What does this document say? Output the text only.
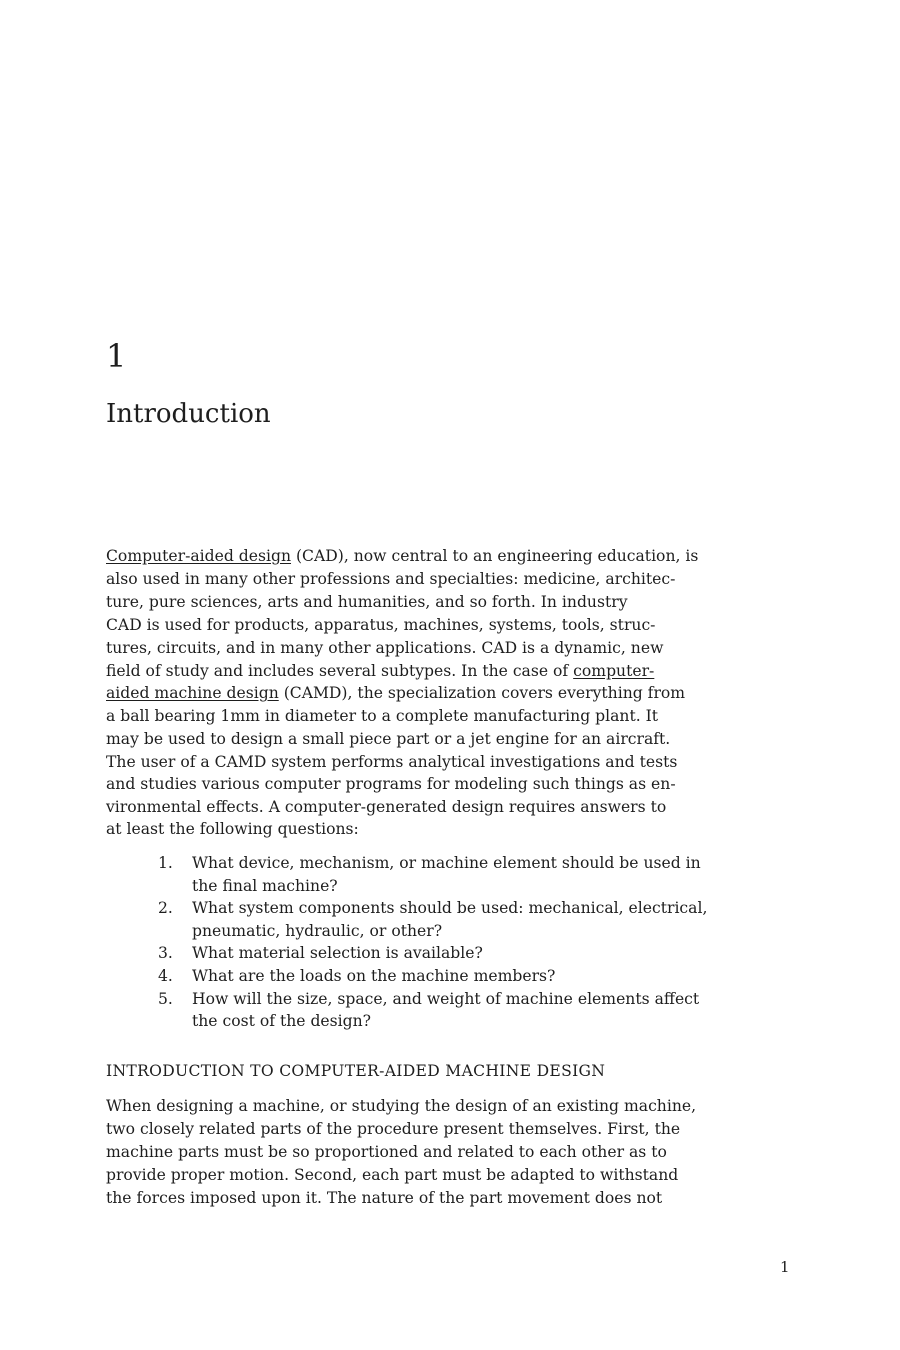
1
Introduction
Computer-aided design (CAD), now central to an engineering education, is
also used in many other professions and specialties: medicine, architec-
ture, pure sciences, arts and humanities, and so forth. In industry
CAD is used for products, apparatus, machines, systems, tools, struc-
tures, circuits, and in many other applications. CAD is a dynamic, new
field of study and includes several subtypes. In the case of computer-
aided machine design (CAMD), the specialization covers everything from
a ball bearing 1mm in diameter to a complete manufacturing plant. It
may be used to design a small piece part or a jet engine for an aircraft.
The user of a CAMD system performs analytical investigations and tests
and studies various computer programs for modeling such things as en-
vironmental effects. A computer-generated design requires answers to
at least the following questions:
1.	What device, mechanism, or machine element should be used in
the final machine?
2.	What system components should be used: mechanical, electrical,
pneumatic, hydraulic, or other?
3.	What material selection is available?
4.	What are the loads on the machine members?
5.	How will the size, space, and weight of machine elements affect
the cost of the design?
INTRODUCTION TO COMPUTER-AIDED MACHINE DESIGN
When designing a machine, or studying the design of an existing machine,
two closely related parts of the procedure present themselves. First, the
machine parts must be so proportioned and related to each other as to
provide proper motion. Second, each part must be adapted to withstand
the forces imposed upon it. The nature of the part movement does not
1
